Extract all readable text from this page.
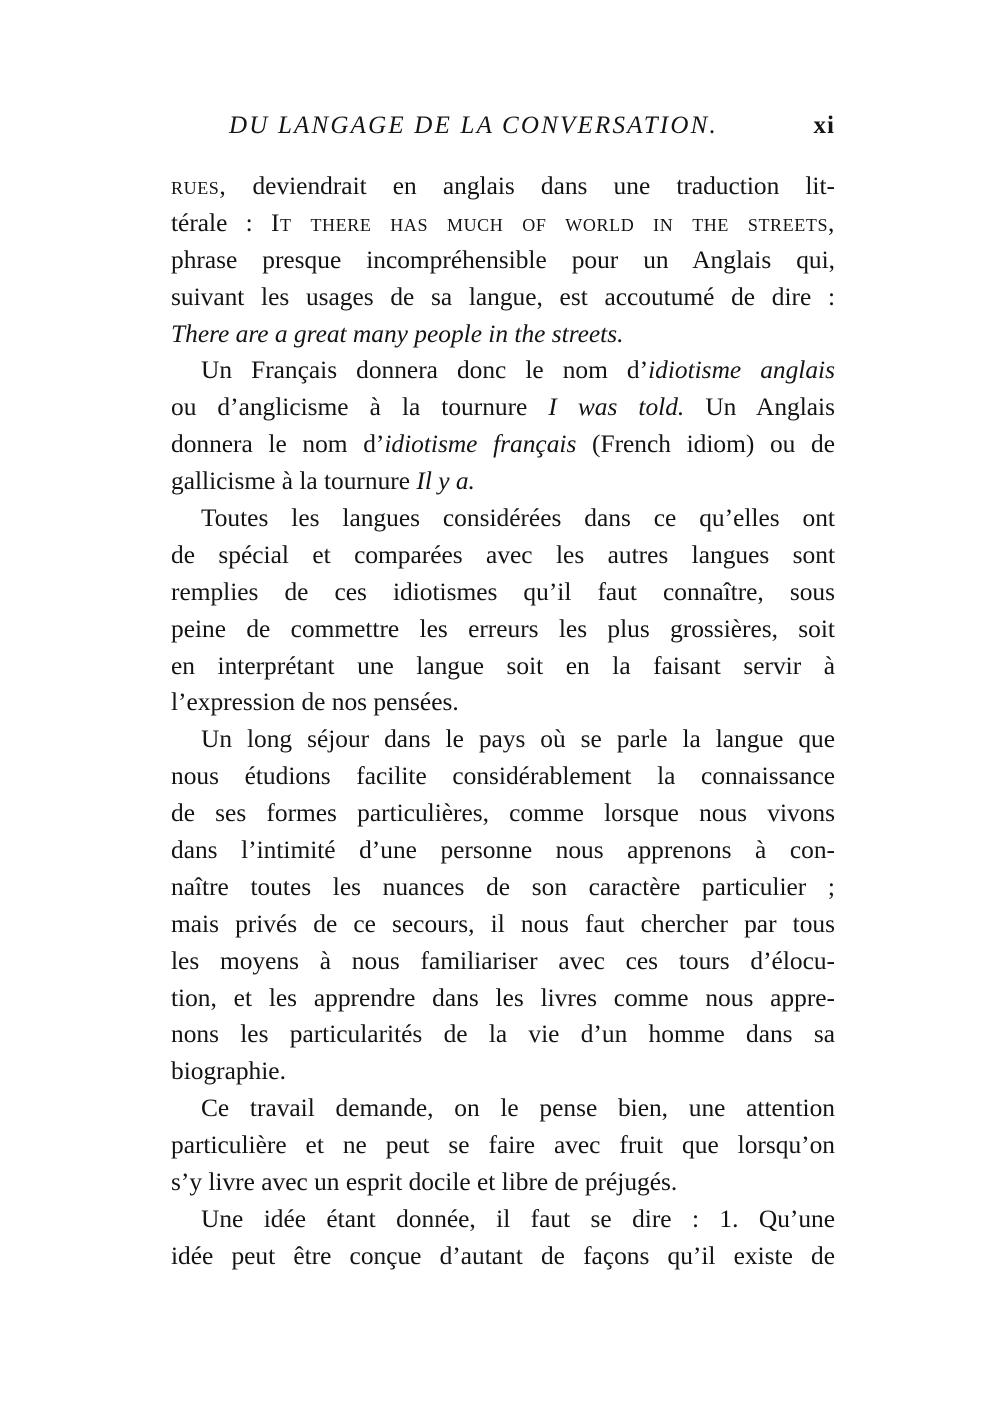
DU LANGAGE DE LA CONVERSATION.	xi
rues, deviendrait en anglais dans une traduction lit-
térale : It there has much of world in the streets,
phrase presque incompréhensible pour un Anglais qui,
suivant les usages de sa langue, est accoutumé de dire :
There are a great many people in the streets.
Un Français donnera donc le nom d’idiotisme anglais
ou d’anglicisme à la tournure I was told. Un Anglais
donnera le nom d’idiotisme français (French idiom) ou de
gallicisme à la tournure Il y a.
Toutes les langues considérées dans ce qu’elles ont
de spécial et comparées avec les autres langues sont
remplies de ces idiotismes qu’il faut connaître, sous
peine de commettre les erreurs les plus grossières, soit
en interprétant une langue soit en la faisant servir à
l’expression de nos pensées.
Un long séjour dans le pays où se parle la langue que
nous étudions facilite considérablement la connaissance
de ses formes particulières, comme lorsque nous vivons
dans l’intimité d’une personne nous apprenons à con-
naître toutes les nuances de son caractère particulier ;
mais privés de ce secours, il nous faut chercher par tous
les moyens à nous familiariser avec ces tours d’élocu-
tion, et les apprendre dans les livres comme nous appre-
nons les particularités de la vie d’un homme dans sa
biographie.
Ce travail demande, on le pense bien, une attention
particulière et ne peut se faire avec fruit que lorsqu’on
s’y livre avec un esprit docile et libre de préjugés.
Une idée étant donnée, il faut se dire : 1. Qu’une
idée peut être conçue d’autant de façons qu’il existe de
